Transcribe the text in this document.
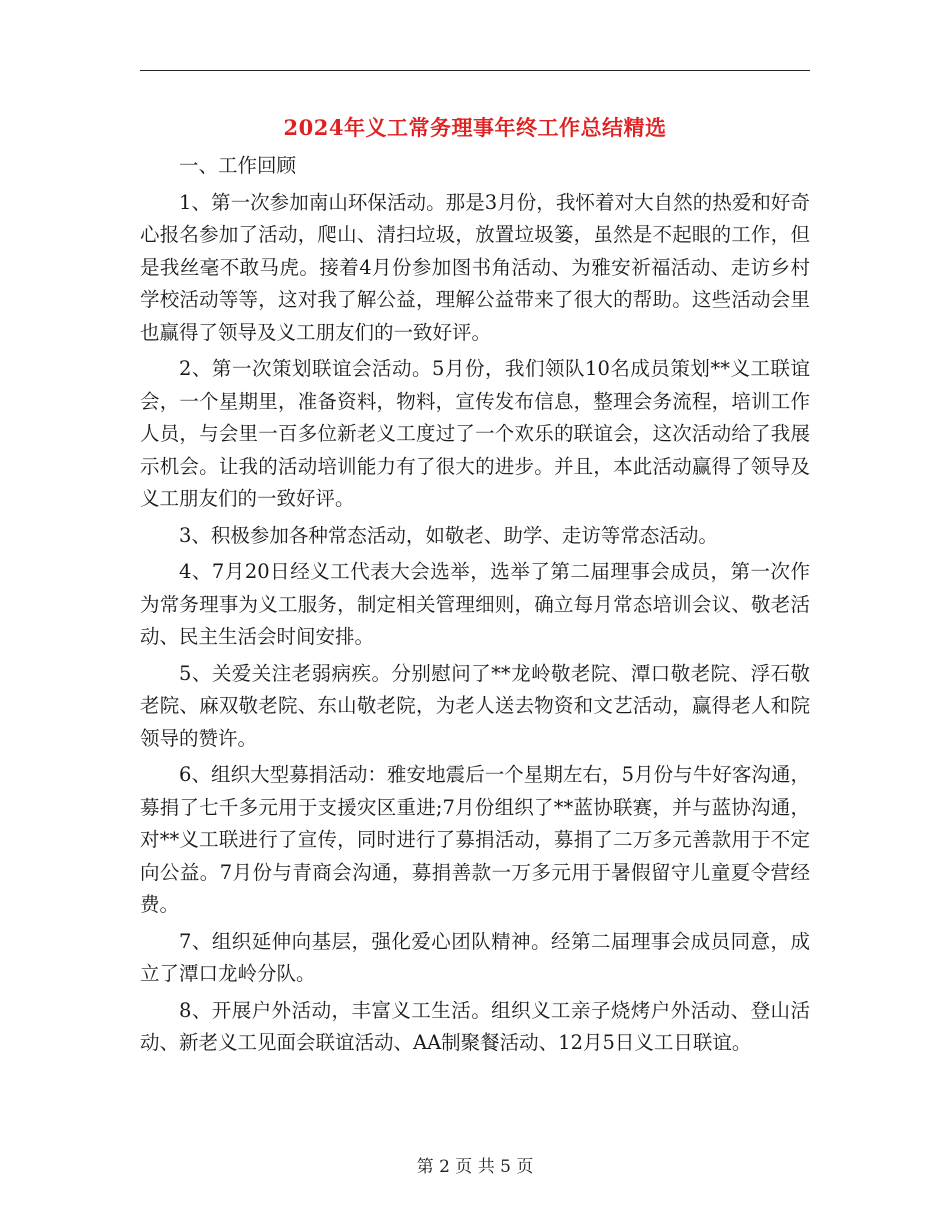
2024年义工常务理事年终工作总结精选

一、工作回顾

1、第一次参加南山环保活动。那是3月份，我怀着对大自然的热爱和好奇心报名参加了活动，爬山、清扫垃圾，放置垃圾篓，虽然是不起眼的工作，但是我丝毫不敢马虎。接着4月份参加图书角活动、为雅安祈福活动、走访乡村学校活动等等，这对我了解公益，理解公益带来了很大的帮助。这些活动会里也赢得了领导及义工朋友们的一致好评。

2、第一次策划联谊会活动。5月份，我们领队10名成员策划**义工联谊会，一个星期里，准备资料，物料，宣传发布信息，整理会务流程，培训工作人员，与会里一百多位新老义工度过了一个欢乐的联谊会，这次活动给了我展示机会。让我的活动培训能力有了很大的进步。并且，本此活动赢得了领导及义工朋友们的一致好评。

3、积极参加各种常态活动，如敬老、助学、走访等常态活动。

4、7月20日经义工代表大会选举，选举了第二届理事会成员，第一次作为常务理事为义工服务，制定相关管理细则，确立每月常态培训会议、敬老活动、民主生活会时间安排。

5、关爱关注老弱病疾。分别慰问了**龙岭敬老院、潭口敬老院、浮石敬老院、麻双敬老院、东山敬老院，为老人送去物资和文艺活动，赢得老人和院领导的赞许。

6、组织大型募捐活动：雅安地震后一个星期左右，5月份与牛好客沟通，募捐了七千多元用于支援灾区重进;7月份组织了**蓝协联赛，并与蓝协沟通，对**义工联进行了宣传，同时进行了募捐活动，募捐了二万多元善款用于不定向公益。7月份与青商会沟通，募捐善款一万多元用于暑假留守儿童夏令营经费。

7、组织延伸向基层，强化爱心团队精神。经第二届理事会成员同意，成立了潭口龙岭分队。

8、开展户外活动，丰富义工生活。组织义工亲子烧烤户外活动、登山活动、新老义工见面会联谊活动、AA制聚餐活动、12月5日义工日联谊。

第 2 页 共 5 页
